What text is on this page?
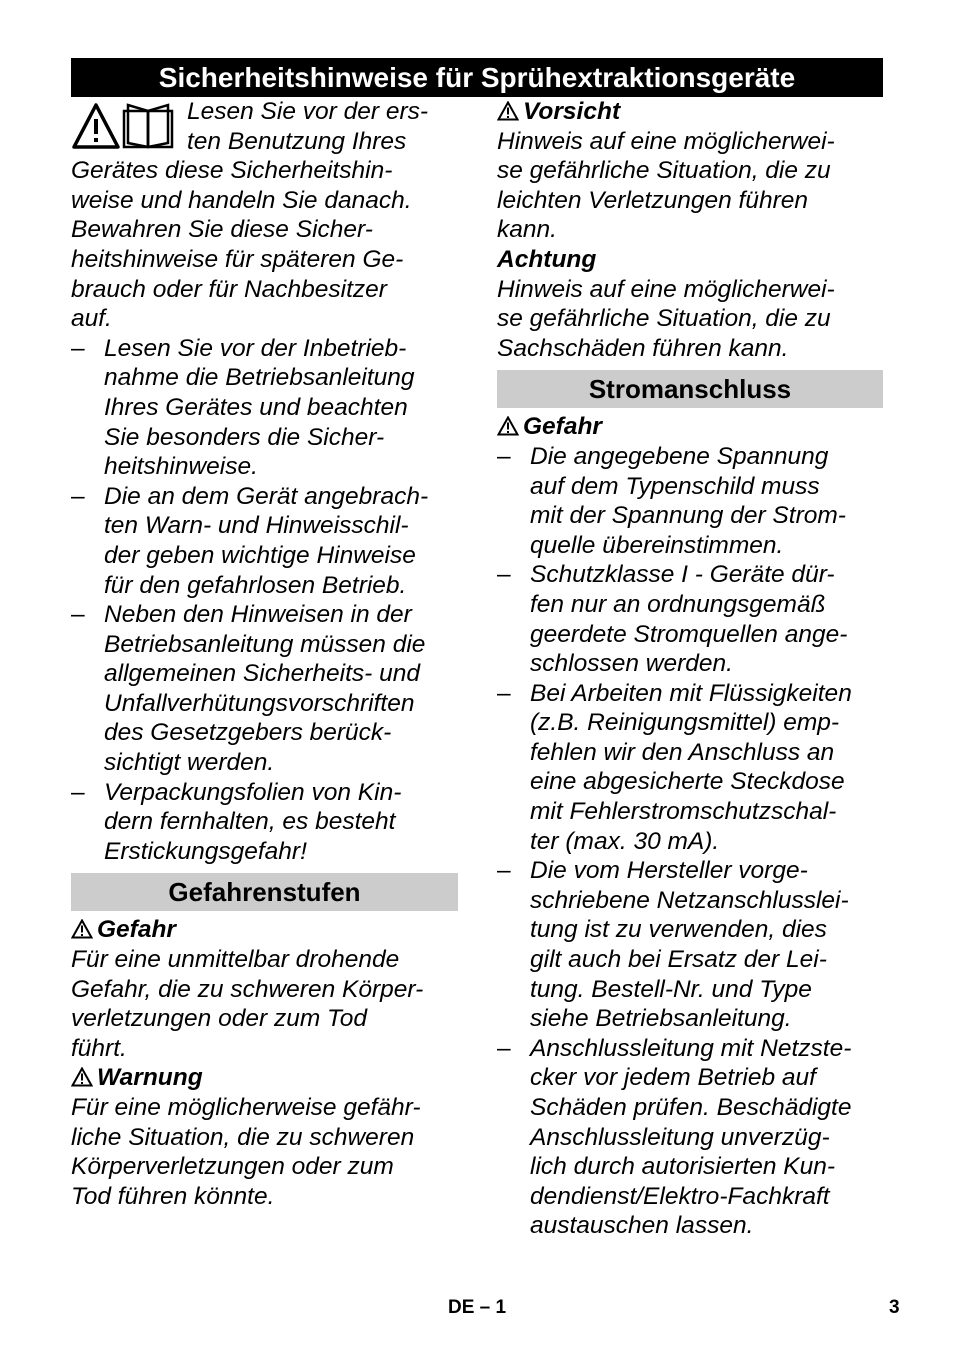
Sicherheitshinweise für Sprühextraktionsgeräte
Lesen Sie vor der ers-
ten Benutzung Ihres
Gerätes diese Sicherheitshin-
weise und handeln Sie danach.
Bewahren Sie diese Sicher-
heitshinweise für späteren Ge-
brauch oder für Nachbesitzer
auf.
– Lesen Sie vor der Inbetrieb-
nahme die Betriebsanleitung
Ihres Gerätes und beachten
Sie besonders die Sicher-
heitshinweise.
– Die an dem Gerät angebrach-
ten Warn- und Hinweisschil-
der geben wichtige Hinweise
für den gefahrlosen Betrieb.
– Neben den Hinweisen in der
Betriebsanleitung müssen die
allgemeinen Sicherheits- und
Unfallverhütungsvorschriften
des Gesetzgebers berück-
sichtigt werden.
– Verpackungsfolien von Kin-
dern fernhalten, es besteht
Erstickungsgefahr!
Gefahrenstufen
Gefahr
Für eine unmittelbar drohende
Gefahr, die zu schweren Körper-
verletzungen oder zum Tod
führt.
Warnung
Für eine möglicherweise gefähr-
liche Situation, die zu schweren
Körperverletzungen oder zum
Tod führen könnte.
Vorsicht
Hinweis auf eine möglicherwei-
se gefährliche Situation, die zu
leichten Verletzungen führen
kann.
Achtung
Hinweis auf eine möglicherwei-
se gefährliche Situation, die zu
Sachschäden führen kann.
Stromanschluss
Gefahr
– Die angegebene Spannung
auf dem Typenschild muss
mit der Spannung der Strom-
quelle übereinstimmen.
– Schutzklasse I - Geräte dür-
fen nur an ordnungsgemäß
geerdete Stromquellen ange-
schlossen werden.
– Bei Arbeiten mit Flüssigkeiten
(z.B. Reinigungsmittel) emp-
fehlen wir den Anschluss an
eine abgesicherte Steckdose
mit Fehlerstromschutzschal-
ter (max. 30 mA).
– Die vom Hersteller vorge-
schriebene Netzanschlusslei-
tung ist zu verwenden, dies
gilt auch bei Ersatz der Lei-
tung. Bestell-Nr. und Type
siehe Betriebsanleitung.
– Anschlussleitung mit Netzste-
cker vor jedem Betrieb auf
Schäden prüfen. Beschädigte
Anschlussleitung unverzüg-
lich durch autorisierten Kun-
dendienst/Elektro-Fachkraft
austauschen lassen.
DE – 1	3
